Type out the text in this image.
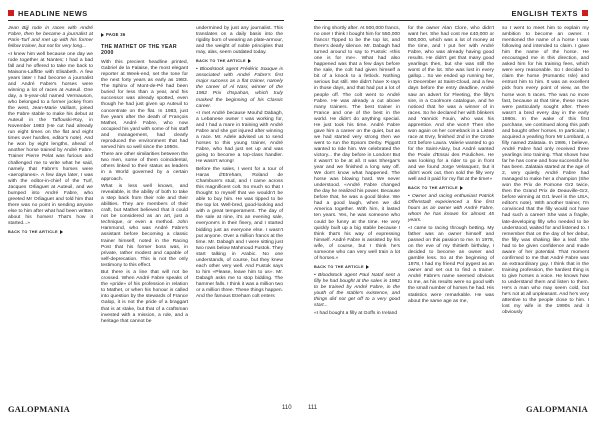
HEADLINE NEWS	ENGLISH TEXTS

Jean Bijj rode in races with André Fabre, then he became a journalist at Paris-Turf and met up with his former fellow trainer, but not for very long...

«I knew him well because one day we rode together at Nantes; I had a bad fall and he offered to take me back to Maisons-Laffitte with Elisabeth. A few years later I had become a journalist and André Fabre's horses were winning a lot of races at Auteuil. One day, a 5-year-old named Vermauson, who belonged to a former jockey from the west, Jean-Marie Vaillant, joined the Fabre stable to make his debut at Auteuil in the Taffouski-Roy, in November 1983 (He cut had already run eight times on the flat and eight times over hurdles, editor's note). And he won by eight lengths, ahead of another horse trained by André Fabre. Trainer Pierre Pelat was furious and challenged me to write what he said, namely that Fabre's horses were «aeroplanes». A few days later, I was with the editor-in-chief of the Turf, Jacques Orliaguet at Auteuil, and we bumped into André Fabre, who greeted Mr Orliaguet and told him that there was no point in sending anyone else to him after what had been written about his horses! That's how it started...»

BACK TO THE ARTICLE
PAGE 36
THE MATHET OF THE YEAR 2000

With this precient headline printed, Gabriel de la Falaise, the most elegant reporter at Week-end, set the tone for the next forty years as early as 1983. The Sphinx of Mont-de-Pé had been buried for less than a year, and his successor was already spotted, even though he had just given up Auteuil to concentrate on the flat. In 1983, just five years after the death of François Mathet, André Fabre, who now occupied his yard with some of his staff and management, had clearly reproduced the environment that had served him so well since the 1950s.

There are other similarities between the two men, some of them coincidental, others linked to their status as leaders in a World governed by a certain approach.

What is less well known, and revealable, is the ability of both to take a step back from their role and their abilities. They are members of their craft, but Mathet believed that it could not be considered as an art, just a technique, or even a method. John Hammond, who was André Fabre's assistant before becoming a classic trainer himself, noted in the Racing Post that his former boss was, in private, rather modest and capable of self-deprecation. This is not the only testimony to this effect.

But there is a line that will not be crossed. When André Fabre speaks of the «pride» of his profession in relation to Mathet, or when his honour is called into question by the stewards of France Galop, it is not the pride of a braggart that is at stake, but that of a craftsman invested with a mission, a role, and a heritage that cannot be

undermined by just any journalist. This translates on a daily basis into the rigidity born of wearing an plate-armour, and the weight of noble principles that may, alas, seem outdated today.

BACK TO THE ARTICLE

• Bloodstock agent Frédéric Souque is associated with André Fabre's first major success as a flat trainer, namely the career of Al Nasr, winner of the 1982 Prix d'Ispahan, which truly marked the beginning of his Classic career.

«I met André because Mouhd Dabagh, a Lebanese owner I was working for, and I had a mare in training with André Fabre and she got injured after winning a race. Mr. Adele advised us to send horses to this young trainer, André Fabre, who had just set up and was going to become a top-class handler. He wasn't wrong!

Before the sales, I went for a tour of Haras d'Etreham, Roland de Chambure's stud, and I came across this magnificent colt. So much so that I thought to myself that we wouldn't be able to buy him. He was tipped to be the top lot. Well-bred, good-looking and with a great temperament. The day of the sale at nine, it's an evening sale, everyone's in their finery, and I started bidding just as everyone else. I wasn't put anyone. Over a million francs at the time. Mr. Dabagh and I were sitting just two rows below Mahmoud Fustok. They start talking in Arabic. No one understands, of course, but they knew each other very well. And Fustok says to him «Please, leave him to us». Mr. Dabagh asks me to stop bidding. The hammer falls. I think it was a million two or a million three. These things happen. And the famous Etreham colt enters

the ring shortly after. At 500,000 francs, no one! I think I bought him for 550,000 francs! Tipped to be the top lot, and there's dearly silence. Mr. Dabagh had turned around to say to Fustok: «this one is for me». What had also happened was that a few days before the sale, the colt had given himself a bit of a knock to a fetlock. Nothing serious but still. We didn't have X-rays in those days, and that had put a lot of people off. The colt went to André Fabre. He was already a cut above many trainers. The best trainer in France and one of the best in the world. He didn't do anything special. He just took his time. André Fabre gave him a career on the quiet, but as we had started very strong then we went to run the Epsom Derby. Piggott wanted to ride him. We celebrated the victory... the day before in London! But it wasn't to be at all. It was Shergar's year and we finished a long way off. We don't know what happened. The horse was blowing hard. We never understood. «André Fabre changed the day he realized his power. Because before that, he was a good bloke. We had a good laugh, when we did America together. With him, it lasted ten years. Yes, he was someone who could be funny at the time. He very quickly built up a big stable because I think that's his way of expressing himself. André Fabre is assisted by his wife, of course, but I think he's someone who can very well train a lot of horses.»

BACK TO THE ARTICLE

• Bloodstock agent Paul Nataf sent a filly he had bought at the sales in 1982 to be trained by André Fabre, in the youth of the stable's existence, and things did not get off to a very good start...

«I had bought a filly at Goffs in Ireland

for the owner Alan Clore, who didn't want her. She had cost me £40,000 or 500,000, which was a lot of money at the time, and I put her with André Fabre, who was already having good results. He didn't get that many good yearlings then, but she was still the worst of the lot. She was lost in every gallop... So we ended up running her, in December at Saint-Cloud, and a few days before the entry deadline, André saw an advert for Fleeting, the filly's sire, in a Coolmore catalogue, and he noticed that he was a winner of in races. So he declared her with blinkers and Yannick Fouin, who was his apprentice. And she won!! Then she won again on her comeback in a Listed race at Evry, finished 2nd in the Grotte Gr3 before Laura. Valerie wanted to go for the Saint-Alary, but André wanted the Poule d'Essai des Pouliches. He was looking for a rider to go in front and we found Jorge Velasquez, but it didn't work out, then sold the filly very well and it paid for my flat at the time!»

BACK TO THE ARTICLE

• Owner and racing enthusiast Patrick Offenstadt experienced a fine first hours as an owner with André Fabre, whom he has known for almost 45 years.

«I came to racing through betting. My father was an owner himself and passed on this passion to me. In 1978, on the eve of my thirtieth birthday, I decided to become an owner and gamble less. So at the beginning of 1978, I had my friend Pol pygest as an owner and set out to find a trainer. André Fabre's name seemed obvious to me, as his results were so good with the small number of horses he had. His statistics were remarkable. He was about the same age as me,

so I went to meet him to explain my ambition to become an owner. I mentioned the name of a horse I was following and intended to claim. I gave him the name of the horse. He encouraged me in this direction, and asked him for his training fees, which were very reasonable. So I decided to claim the horse (Romantic Isle) and entrust him to him. It was an excellent pick from every point of view, as the horse won 5 races. The was no more fast, because at that time, these races were particularly sought after. There wasn't a bred every day in the early 1980s. In the wake of this first purchase, we continued along this path and bought other horses. In particular, I acquired a yearling from Mr Lombard, a filly named Zalataia. In 1986, I believe, André Fabre had only received three yearlings into training. That shows how far he has come and how successful he has been. Zalataia started at the age of 2, very quietly. André Fabre had managed to make her a champion (She won the Prix de Pomone Gr2 twice, then the Grand Prix de Deauville-Gr2, before winning at Gr1 level in the USA, editor's note). With another trainer, I'm convinced that the filly would not have had such a career! She was a fragile, late-developing filly who needed to be understood, waited for and listened to. I remember that on the day of her debut, the filly was shaking like a leaf. She had to be given confidence and made aware of her potential. That moment confirmed to me that André Fabre was an extraordinary guy. I think that in the training profession, the hardest thing is to give horses a voice. He knows how to understand them and listen to them. He's a man who may seem cold, but he's not at all unpleasant. And he's very attentive to the people close to him. I lost my wife in the 1990s and it obviously

GALOPMANIA	110	111	GALOPMANIA
